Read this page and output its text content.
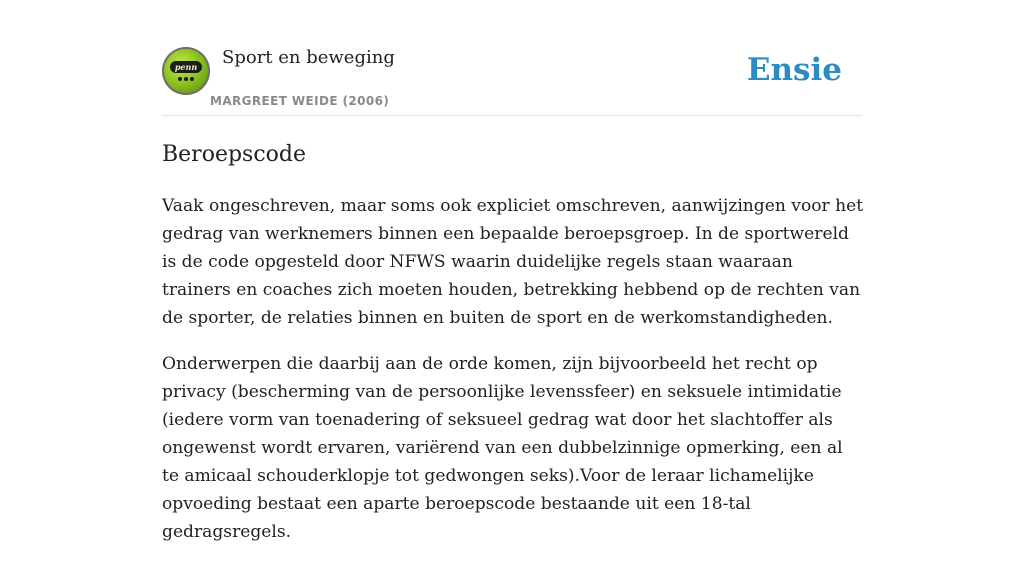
penn Sport en beweging
MARGREET WEIDE (2006)
Ensie
Beroepscode

Vaak ongeschreven, maar soms ook expliciet omschreven, aanwijzingen voor het gedrag van werknemers binnen een bepaalde beroepsgroep. In de sportwereld is de code opgesteld door NFWS waarin duidelijke regels staan waaraan trainers en coaches zich moeten houden, betrekking hebbend op de rechten van de sporter, de relaties binnen en buiten de sport en de werkomstandigheden.

Onderwerpen die daarbij aan de orde komen, zijn bijvoorbeeld het recht op privacy (bescherming van de persoonlijke levenssfeer) en seksuele intimidatie (iedere vorm van toenadering of seksueel gedrag wat door het slachtoffer als ongewenst wordt ervaren, variërend van een dubbelzinnige opmerking, een al te amicaal schouderklopje tot gedwongen seks).Voor de leraar lichamelijke opvoeding bestaat een aparte beroepscode bestaande uit een 18-tal gedragsregels.
